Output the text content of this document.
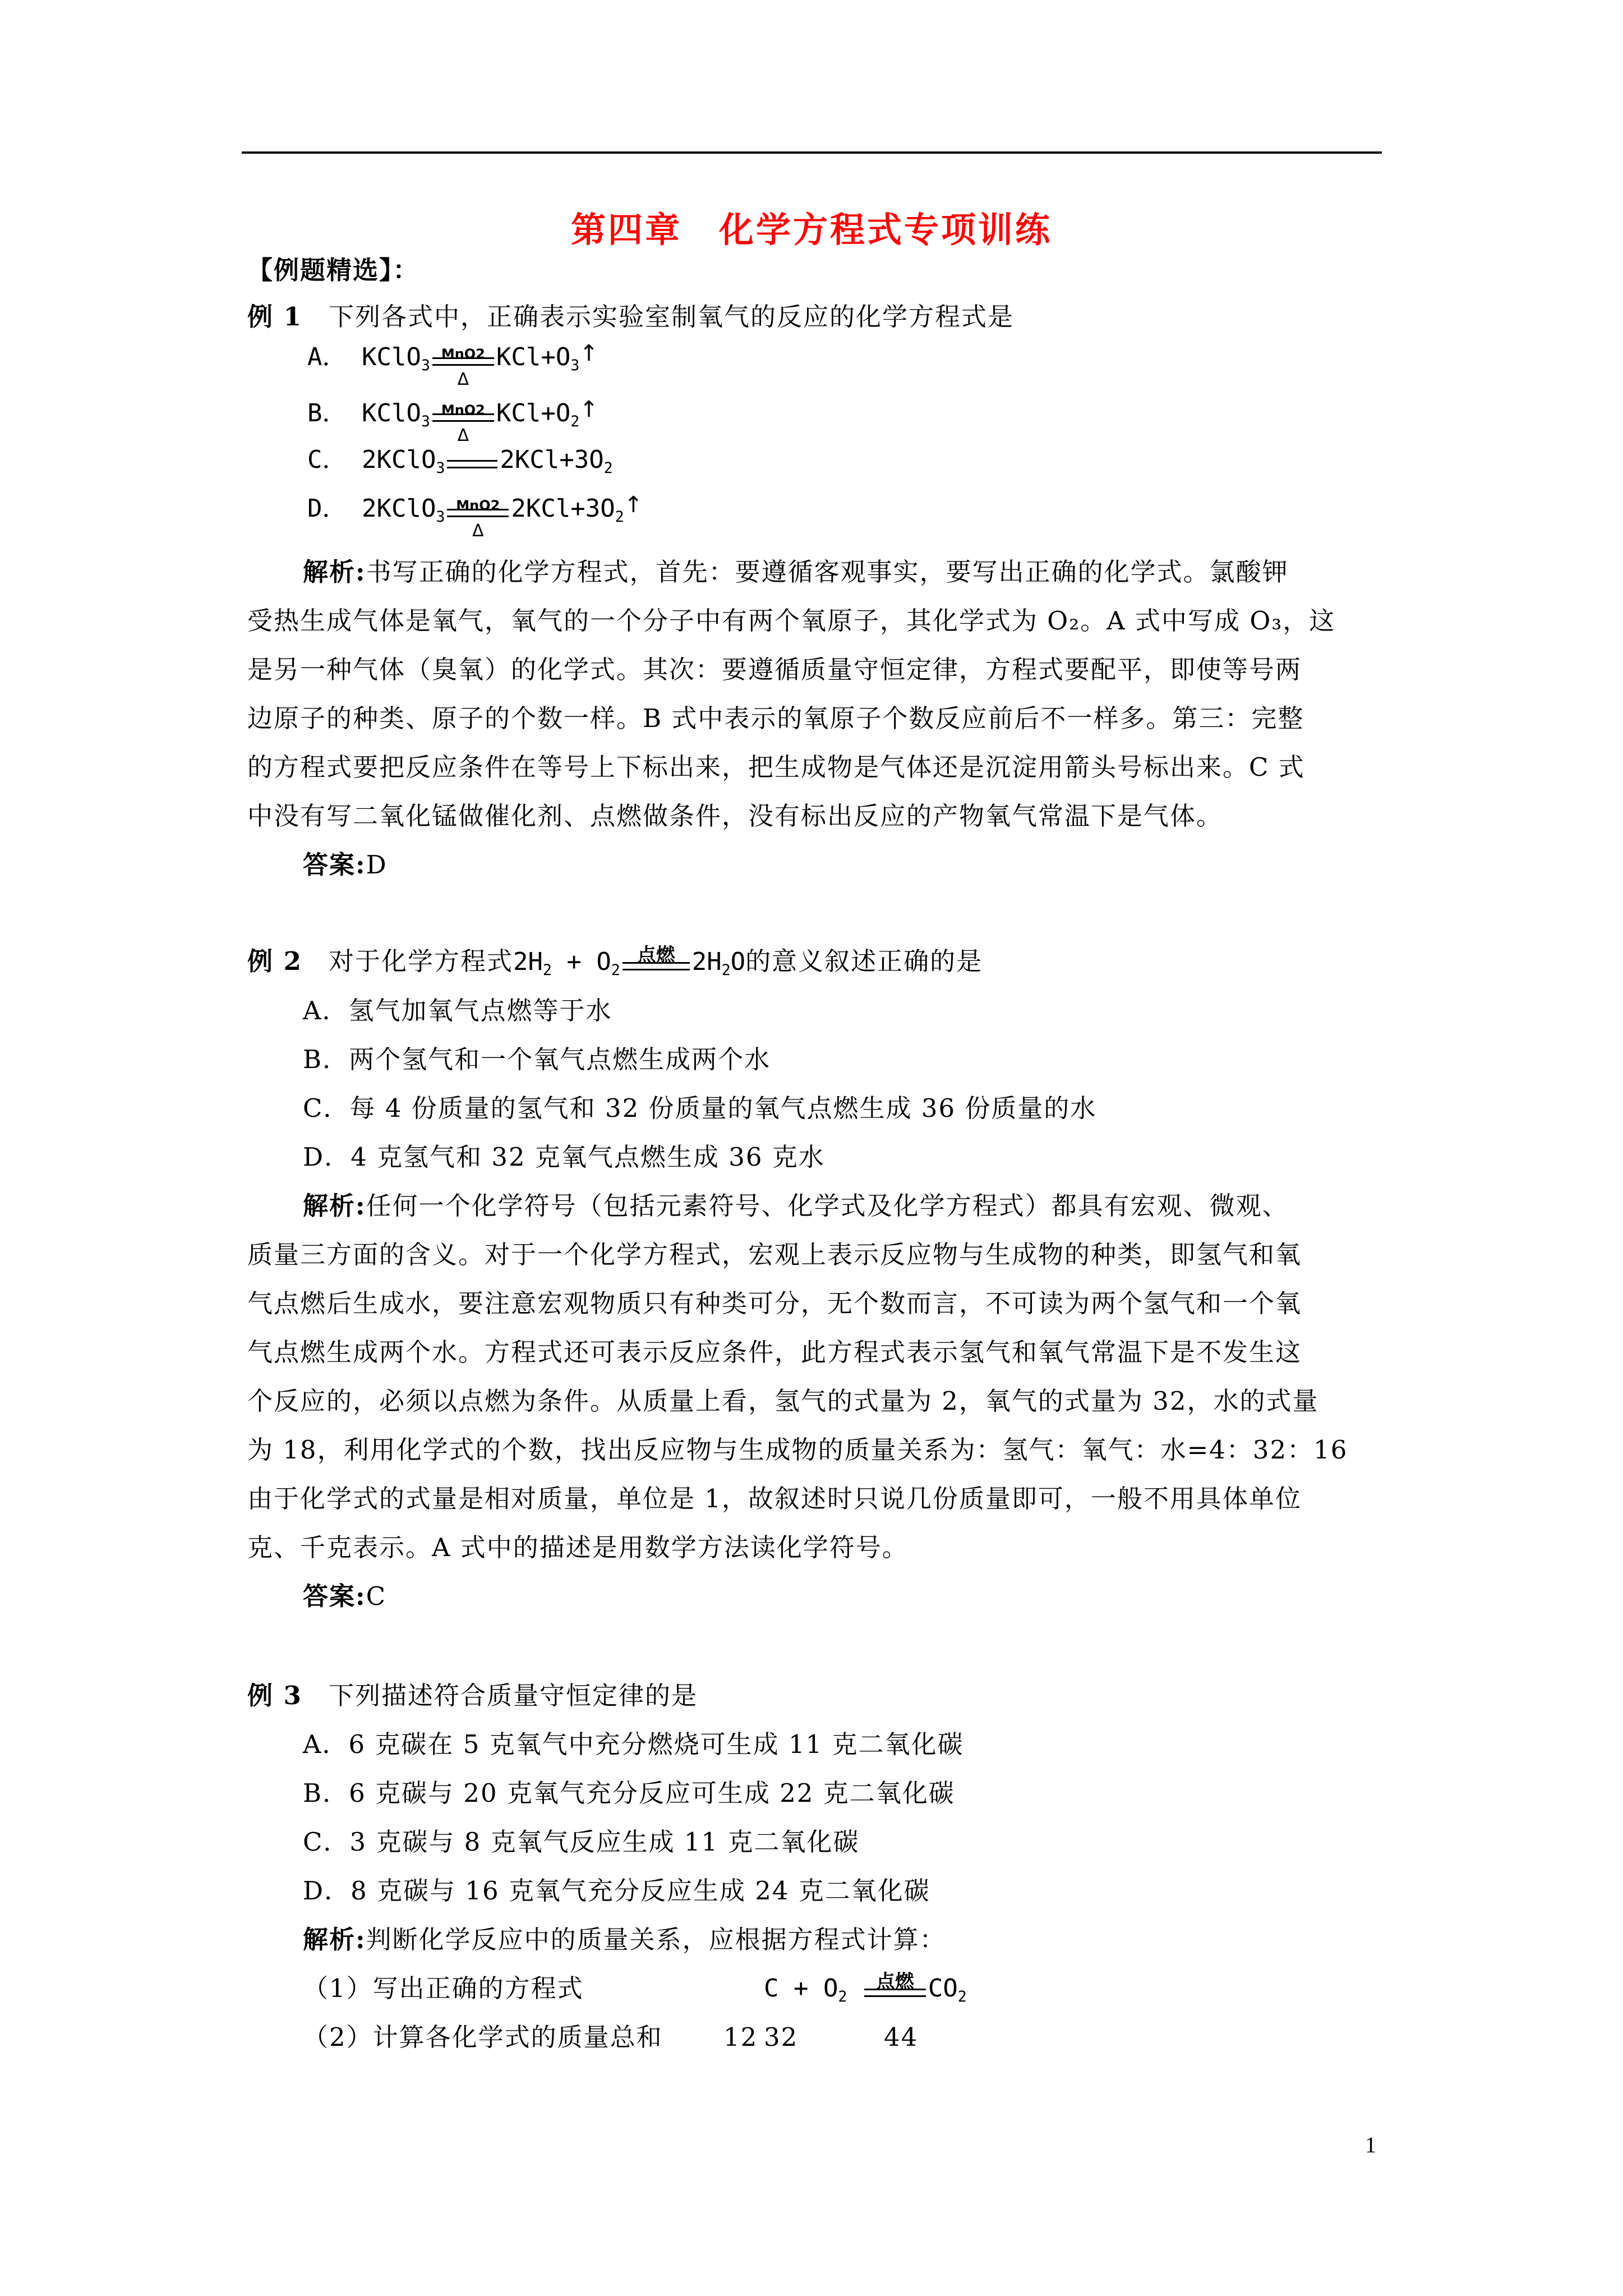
第四章　化学方程式专项训练
【例题精选】：
例 1　 下列各式中，正确表示实验室制氧气的反应的化学方程式是
A． KClO$_3$
MnO2
Δ
$KCl+O_3↑$
B． KClO$_3$
MnO2
Δ
$KCl+O_2↑$
C． 2KClO$_3$ $2KCl+3O_2$
D． 2KClO$_3$
MnO2
Δ
$2KCl+3O_2↑$
解析:书写正确的化学方程式，首先：要遵循客观事实，要写出正确的化学式。氯酸钾
受热生成气体是氧气，氧气的一个分子中有两个氧原子，其化学式为 O₂。A 式中写成 O₃，这
是另一种气体（臭氧）的化学式。其次：要遵循质量守恒定律，方程式要配平，即使等号两
边原子的种类、原子的个数一样。B 式中表示的氧原子个数反应前后不一样多。第三：完整
的方程式要把反应条件在等号上下标出来，把生成物是气体还是沉淀用箭头号标出来。C 式
中没有写二氧化锰做催化剂、点燃做条件，没有标出反应的产物氧气常温下是气体。
答案:D
例 2　 对于化学方程式$2H_2 + O_2$
点燃 $2H_2O$的意义叙述正确的是
A．氢气加氧气点燃等于水
B．两个氢气和一个氧气点燃生成两个水
C．每 4 份质量的氢气和 32 份质量的氧气点燃生成 36 份质量的水
D．4 克氢气和 32 克氧气点燃生成 36 克水
解析:任何一个化学符号（包括元素符号、化学式及化学方程式）都具有宏观、微观、
质量三方面的含义。对于一个化学方程式，宏观上表示反应物与生成物的种类，即氢气和氧
气点燃后生成水，要注意宏观物质只有种类可分，无个数而言，不可读为两个氢气和一个氧
气点燃生成两个水。方程式还可表示反应条件，此方程式表示氢气和氧气常温下是不发生这
个反应的，必须以点燃为条件。从质量上看，氢气的式量为 2，氧气的式量为 32，水的式量
为 18，利用化学式的个数，找出反应物与生成物的质量关系为：氢气：氧气：水=4：32：16
由于化学式的式量是相对质量，单位是 1，故叙述时只说几份质量即可，一般不用具体单位
克、千克表示。A 式中的描述是用数学方法读化学符号。
答案:C
例 3　 下列描述符合质量守恒定律的是
A．6 克碳在 5 克氧气中充分燃烧可生成 11 克二氧化碳
B．6 克碳与 20 克氧气充分反应可生成 22 克二氧化碳
C．3 克碳与 8 克氧气反应生成 11 克二氧化碳
D．8 克碳与 16 克氧气充分反应生成 24 克二氧化碳
解析:判断化学反应中的质量关系，应根据方程式计算：
（1）写出正确的方程式	$C + O_2$
点燃 $CO_2$
（2）计算各化学式的质量总和 12 32	44
1
